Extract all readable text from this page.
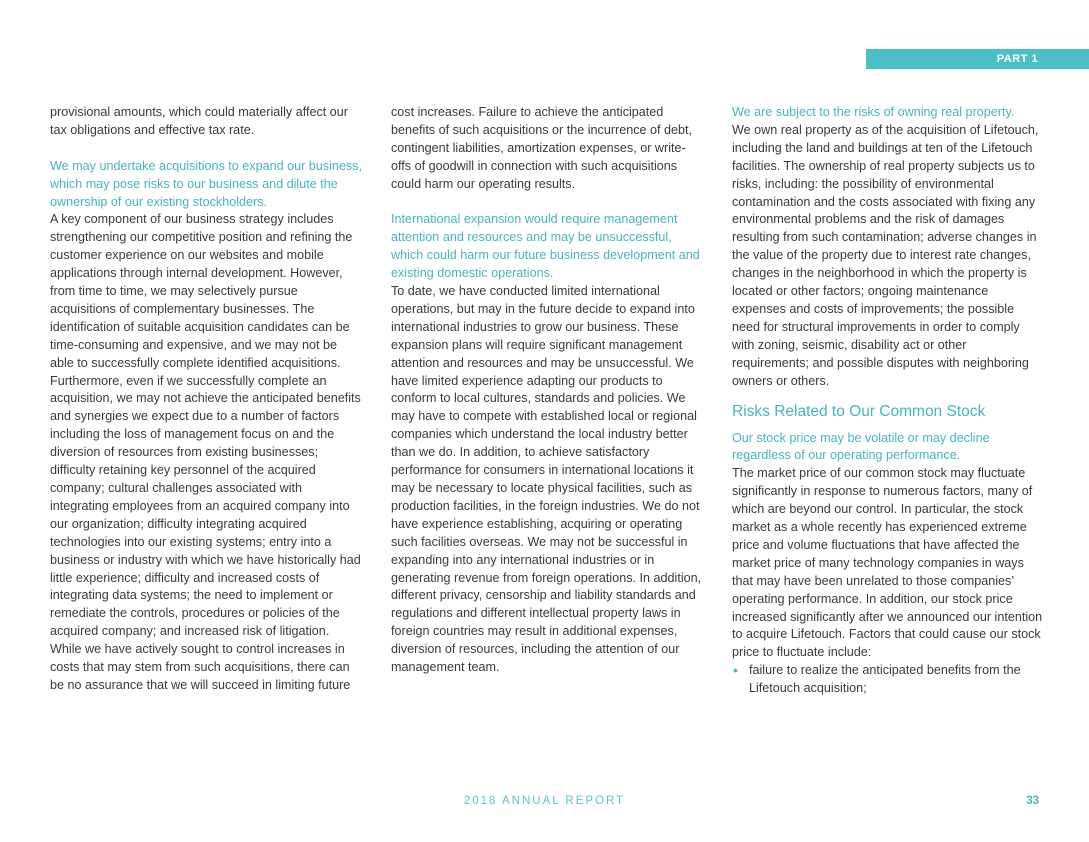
PART 1

provisional amounts, which could materially affect our tax obligations and effective tax rate.

We may undertake acquisitions to expand our business, which may pose risks to our business and dilute the ownership of our existing stockholders.

A key component of our business strategy includes strengthening our competitive position and refining the customer experience on our websites and mobile applications through internal development. However, from time to time, we may selectively pursue acquisitions of complementary businesses. The identification of suitable acquisition candidates can be time-consuming and expensive, and we may not be able to successfully complete identified acquisitions. Furthermore, even if we successfully complete an acquisition, we may not achieve the anticipated benefits and synergies we expect due to a number of factors including the loss of management focus on and the diversion of resources from existing businesses; difficulty retaining key personnel of the acquired company; cultural challenges associated with integrating employees from an acquired company into our organization; difficulty integrating acquired technologies into our existing systems; entry into a business or industry with which we have historically had little experience; difficulty and increased costs of integrating data systems; the need to implement or remediate the controls, procedures or policies of the acquired company; and increased risk of litigation. While we have actively sought to control increases in costs that may stem from such acquisitions, there can be no assurance that we will succeed in limiting future

cost increases. Failure to achieve the anticipated benefits of such acquisitions or the incurrence of debt, contingent liabilities, amortization expenses, or write-offs of goodwill in connection with such acquisitions could harm our operating results.

International expansion would require management attention and resources and may be unsuccessful, which could harm our future business development and existing domestic operations.

To date, we have conducted limited international operations, but may in the future decide to expand into international industries to grow our business. These expansion plans will require significant management attention and resources and may be unsuccessful. We have limited experience adapting our products to conform to local cultures, standards and policies. We may have to compete with established local or regional companies which understand the local industry better than we do. In addition, to achieve satisfactory performance for consumers in international locations it may be necessary to locate physical facilities, such as production facilities, in the foreign industries. We do not have experience establishing, acquiring or operating such facilities overseas. We may not be successful in expanding into any international industries or in generating revenue from foreign operations. In addition, different privacy, censorship and liability standards and regulations and different intellectual property laws in foreign countries may result in additional expenses, diversion of resources, including the attention of our management team.

We are subject to the risks of owning real property.

We own real property as of the acquisition of Lifetouch, including the land and buildings at ten of the Lifetouch facilities. The ownership of real property subjects us to risks, including: the possibility of environmental contamination and the costs associated with fixing any environmental problems and the risk of damages resulting from such contamination; adverse changes in the value of the property due to interest rate changes, changes in the neighborhood in which the property is located or other factors; ongoing maintenance expenses and costs of improvements; the possible need for structural improvements in order to comply with zoning, seismic, disability act or other requirements; and possible disputes with neighboring owners or others.

Risks Related to Our Common Stock

Our stock price may be volatile or may decline regardless of our operating performance.

The market price of our common stock may fluctuate significantly in response to numerous factors, many of which are beyond our control. In particular, the stock market as a whole recently has experienced extreme price and volume fluctuations that have affected the market price of many technology companies in ways that may have been unrelated to those companies’ operating performance. In addition, our stock price increased significantly after we announced our intention to acquire Lifetouch. Factors that could cause our stock price to fluctuate include:

• failure to realize the anticipated benefits from the Lifetouch acquisition;

2018 ANNUAL REPORT	33
